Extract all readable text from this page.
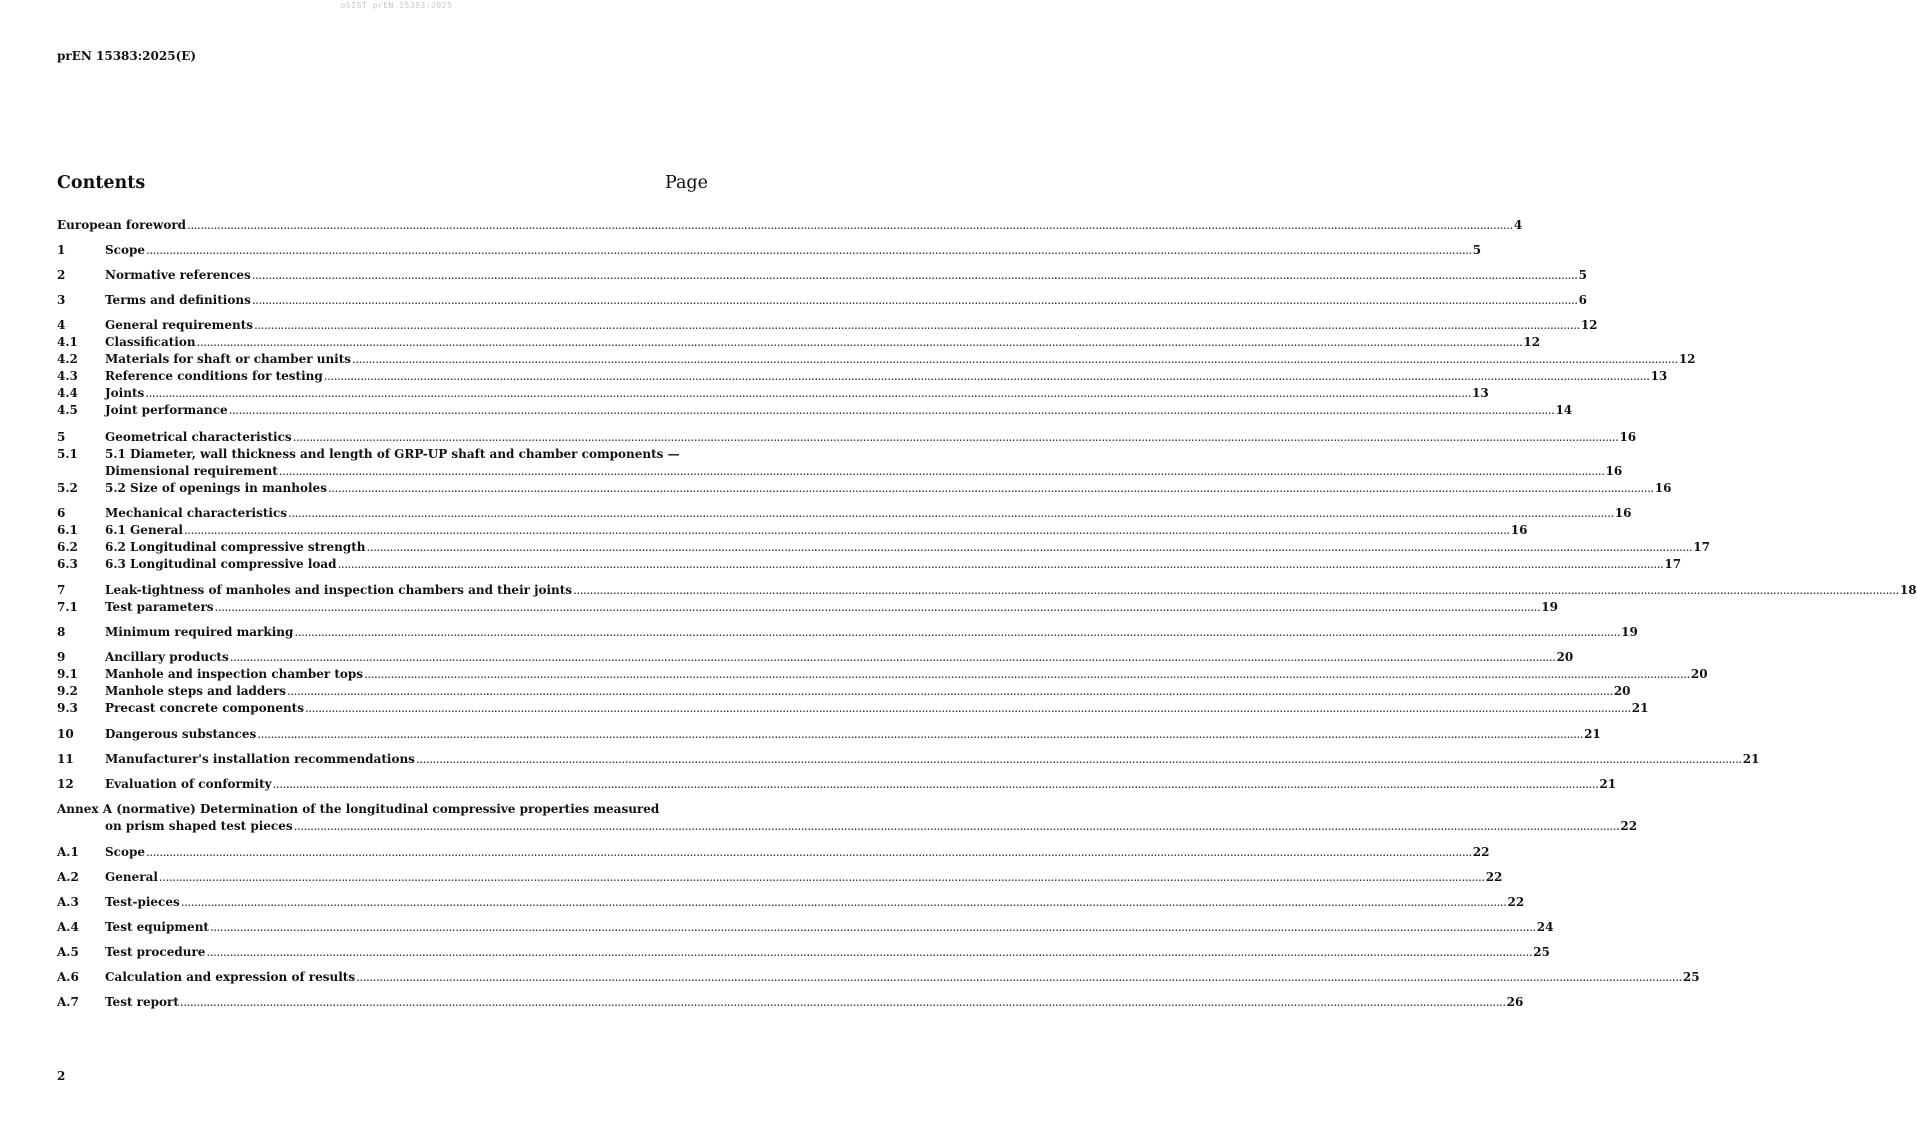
oSIST prEN 15383:2025
prEN 15383:2025(E)
Contents	Page
European foreword ................................................................................................................................................................................................................................................................................................................................................................................................................ 4
1	Scope ................................................................................................................................................................................................................................................................................................................................................................................................................ 5
2	Normative references ................................................................................................................................................................................................................................................................................................................................................................................................................ 5
3	Terms and definitions ................................................................................................................................................................................................................................................................................................................................................................................................................ 6
4	General requirements ................................................................................................................................................................................................................................................................................................................................................................................................................ 12
4.1	Classification ................................................................................................................................................................................................................................................................................................................................................................................................................ 12
4.2	Materials for shaft or chamber units ................................................................................................................................................................................................................................................................................................................................................................................................................ 12
4.3	Reference conditions for testing ................................................................................................................................................................................................................................................................................................................................................................................................................ 13
4.4	Joints ................................................................................................................................................................................................................................................................................................................................................................................................................ 13
4.5	Joint performance ................................................................................................................................................................................................................................................................................................................................................................................................................ 14
5	Geometrical characteristics ................................................................................................................................................................................................................................................................................................................................................................................................................ 16
5.1	5.1 Diameter, wall thickness and length of GRP-UP shaft and chamber components —
Dimensional requirement ................................................................................................................................................................................................................................................................................................................................................................................................................ 16
5.2	5.2 Size of openings in manholes ................................................................................................................................................................................................................................................................................................................................................................................................................ 16
6	Mechanical characteristics ................................................................................................................................................................................................................................................................................................................................................................................................................ 16
6.1	6.1 General ................................................................................................................................................................................................................................................................................................................................................................................................................ 16
6.2	6.2 Longitudinal compressive strength ................................................................................................................................................................................................................................................................................................................................................................................................................ 17
6.3	6.3 Longitudinal compressive load ................................................................................................................................................................................................................................................................................................................................................................................................................ 17
7	Leak-tightness of manholes and inspection chambers and their joints ................................................................................................................................................................................................................................................................................................................................................................................................................ 18
7.1	Test parameters ................................................................................................................................................................................................................................................................................................................................................................................................................ 19
8	Minimum required marking ................................................................................................................................................................................................................................................................................................................................................................................................................ 19
9	Ancillary products ................................................................................................................................................................................................................................................................................................................................................................................................................ 20
9.1	Manhole and inspection chamber tops ................................................................................................................................................................................................................................................................................................................................................................................................................ 20
9.2	Manhole steps and ladders ................................................................................................................................................................................................................................................................................................................................................................................................................ 20
9.3	Precast concrete components ................................................................................................................................................................................................................................................................................................................................................................................................................ 21
10	Dangerous substances ................................................................................................................................................................................................................................................................................................................................................................................................................ 21
11	Manufacturer's installation recommendations ................................................................................................................................................................................................................................................................................................................................................................................................................ 21
12	Evaluation of conformity ................................................................................................................................................................................................................................................................................................................................................................................................................ 21
Annex A (normative) Determination of the longitudinal compressive properties measured
on prism shaped test pieces ................................................................................................................................................................................................................................................................................................................................................................................................................ 22
A.1	Scope ................................................................................................................................................................................................................................................................................................................................................................................................................ 22
A.2	General ................................................................................................................................................................................................................................................................................................................................................................................................................ 22
A.3	Test-pieces ................................................................................................................................................................................................................................................................................................................................................................................................................ 22
A.4	Test equipment ................................................................................................................................................................................................................................................................................................................................................................................................................ 24
A.5	Test procedure ................................................................................................................................................................................................................................................................................................................................................................................................................ 25
A.6	Calculation and expression of results ................................................................................................................................................................................................................................................................................................................................................................................................................ 25
A.7	Test report ................................................................................................................................................................................................................................................................................................................................................................................................................ 26
2
